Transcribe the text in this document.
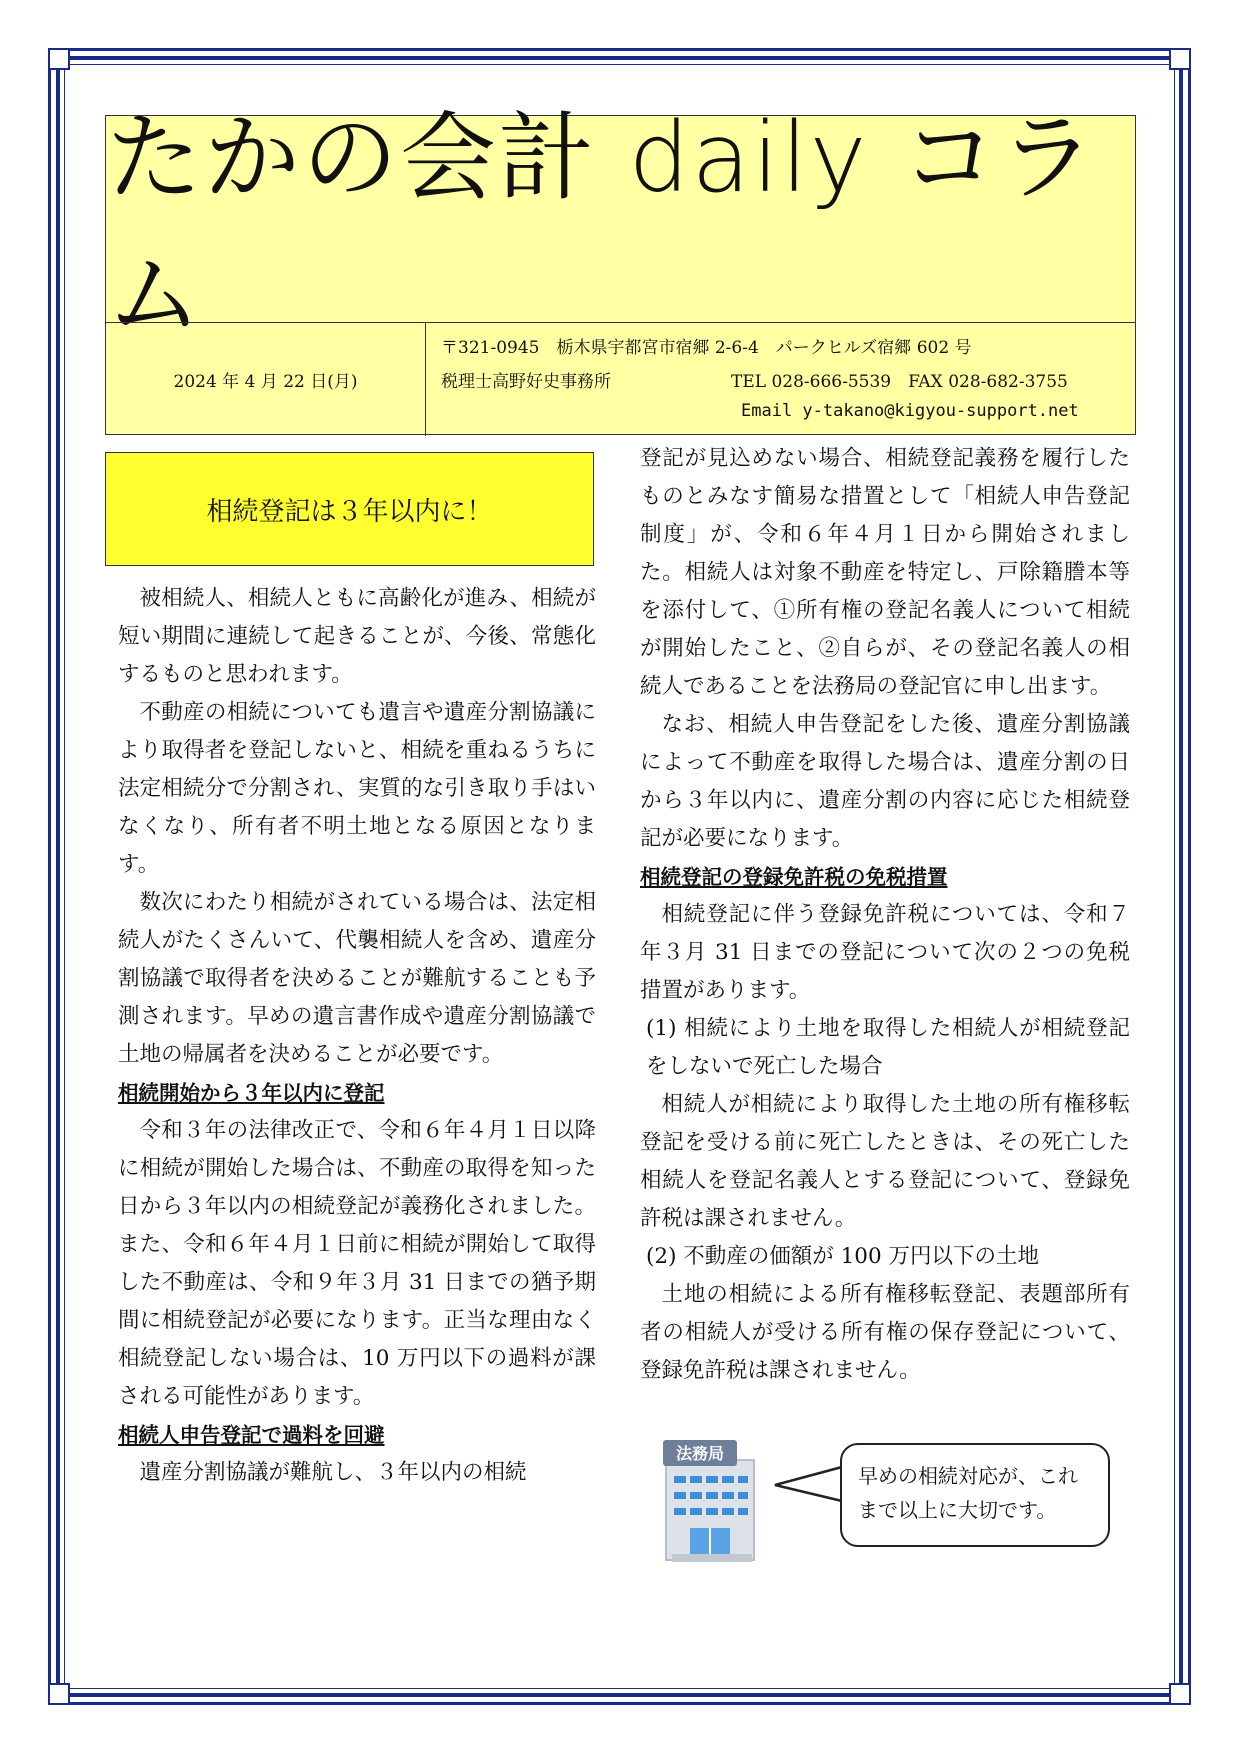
たかの会計 daily コラム
2024 年 4 月 22 日(月)
〒321-0945　栃木県宇都宮市宿郷 2-6-4　パークヒルズ宿郷 602 号
税理士高野好史事務所	TEL 028-666-5539　FAX 028-682-3755
Email y-takano@kigyou-support.net
相続登記は３年以内に！

被相続人、相続人ともに高齢化が進み、相続が短い期間に連続して起きることが、今後、常態化するものと思われます。

不動産の相続についても遺言や遺産分割協議により取得者を登記しないと、相続を重ねるうちに法定相続分で分割され、実質的な引き取り手はいなくなり、所有者不明土地となる原因となります。

数次にわたり相続がされている場合は、法定相続人がたくさんいて、代襲相続人を含め、遺産分割協議で取得者を決めることが難航することも予測されます。早めの遺言書作成や遺産分割協議で土地の帰属者を決めることが必要です。

相続開始から３年以内に登記

令和３年の法律改正で、令和６年４月１日以降に相続が開始した場合は、不動産の取得を知った日から３年以内の相続登記が義務化されました。また、令和６年４月１日前に相続が開始して取得した不動産は、令和９年３月 31 日までの猶予期間に相続登記が必要になります。正当な理由なく相続登記しない場合は、10 万円以下の過料が課される可能性があります。

相続人申告登記で過料を回避

遺産分割協議が難航し、３年以内の相続

登記が見込めない場合、相続登記義務を履行したものとみなす簡易な措置として「相続人申告登記制度」が、令和６年４月１日から開始されました。相続人は対象不動産を特定し、戸除籍謄本等を添付して、①所有権の登記名義人について相続が開始したこと、②自らが、その登記名義人の相続人であることを法務局の登記官に申し出ます。

なお、相続人申告登記をした後、遺産分割協議によって不動産を取得した場合は、遺産分割の日から３年以内に、遺産分割の内容に応じた相続登記が必要になります。

相続登記の登録免許税の免税措置

相続登記に伴う登録免許税については、令和７年３月 31 日までの登記について次の２つの免税措置があります。

(1) 相続により土地を取得した相続人が相続登記をしないで死亡した場合

相続人が相続により取得した土地の所有権移転登記を受ける前に死亡したときは、その死亡した相続人を登記名義人とする登記について、登録免許税は課されません。

(2) 不動産の価額が 100 万円以下の土地

土地の相続による所有権移転登記、表題部所有者の相続人が受ける所有権の保存登記について、登録免許税は課されません。

法務局
早めの相続対応が、これまで以上に大切です。
